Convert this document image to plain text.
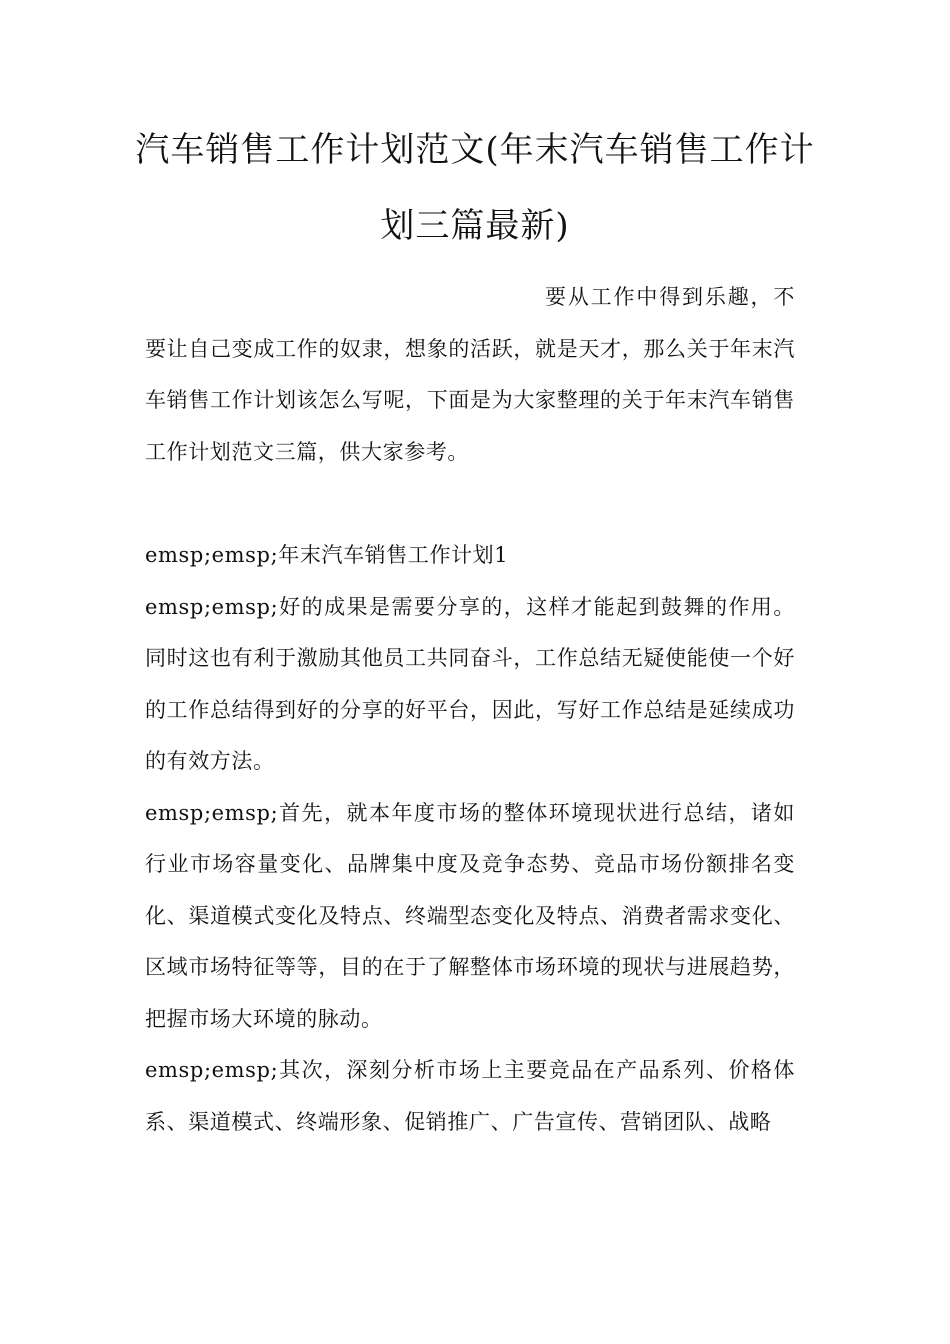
汽车销售工作计划范文(年末汽车销售工作计划三篇最新)

要从工作中得到乐趣，不要让自己变成工作的奴隶，想象的活跃，就是天才，那么关于年末汽车销售工作计划该怎么写呢，下面是为大家整理的关于年末汽车销售工作计划范文三篇，供大家参考。

emsp;emsp;年末汽车销售工作计划1

emsp;emsp;好的成果是需要分享的，这样才能起到鼓舞的作用。同时这也有利于激励其他员工共同奋斗，工作总结无疑使能使一个好的工作总结得到好的分享的好平台，因此，写好工作总结是延续成功的有效方法。

emsp;emsp;首先，就本年度市场的整体环境现状进行总结，诸如行业市场容量变化、品牌集中度及竞争态势、竞品市场份额排名变化、渠道模式变化及特点、终端型态变化及特点、消费者需求变化、区域市场特征等等，目的在于了解整体市场环境的现状与进展趋势，把握市场大环境的脉动。

emsp;emsp;其次，深刻分析市场上主要竞品在产品系列、价格体系、渠道模式、终端形象、促销推广、广告宣传、营销团队、战略
